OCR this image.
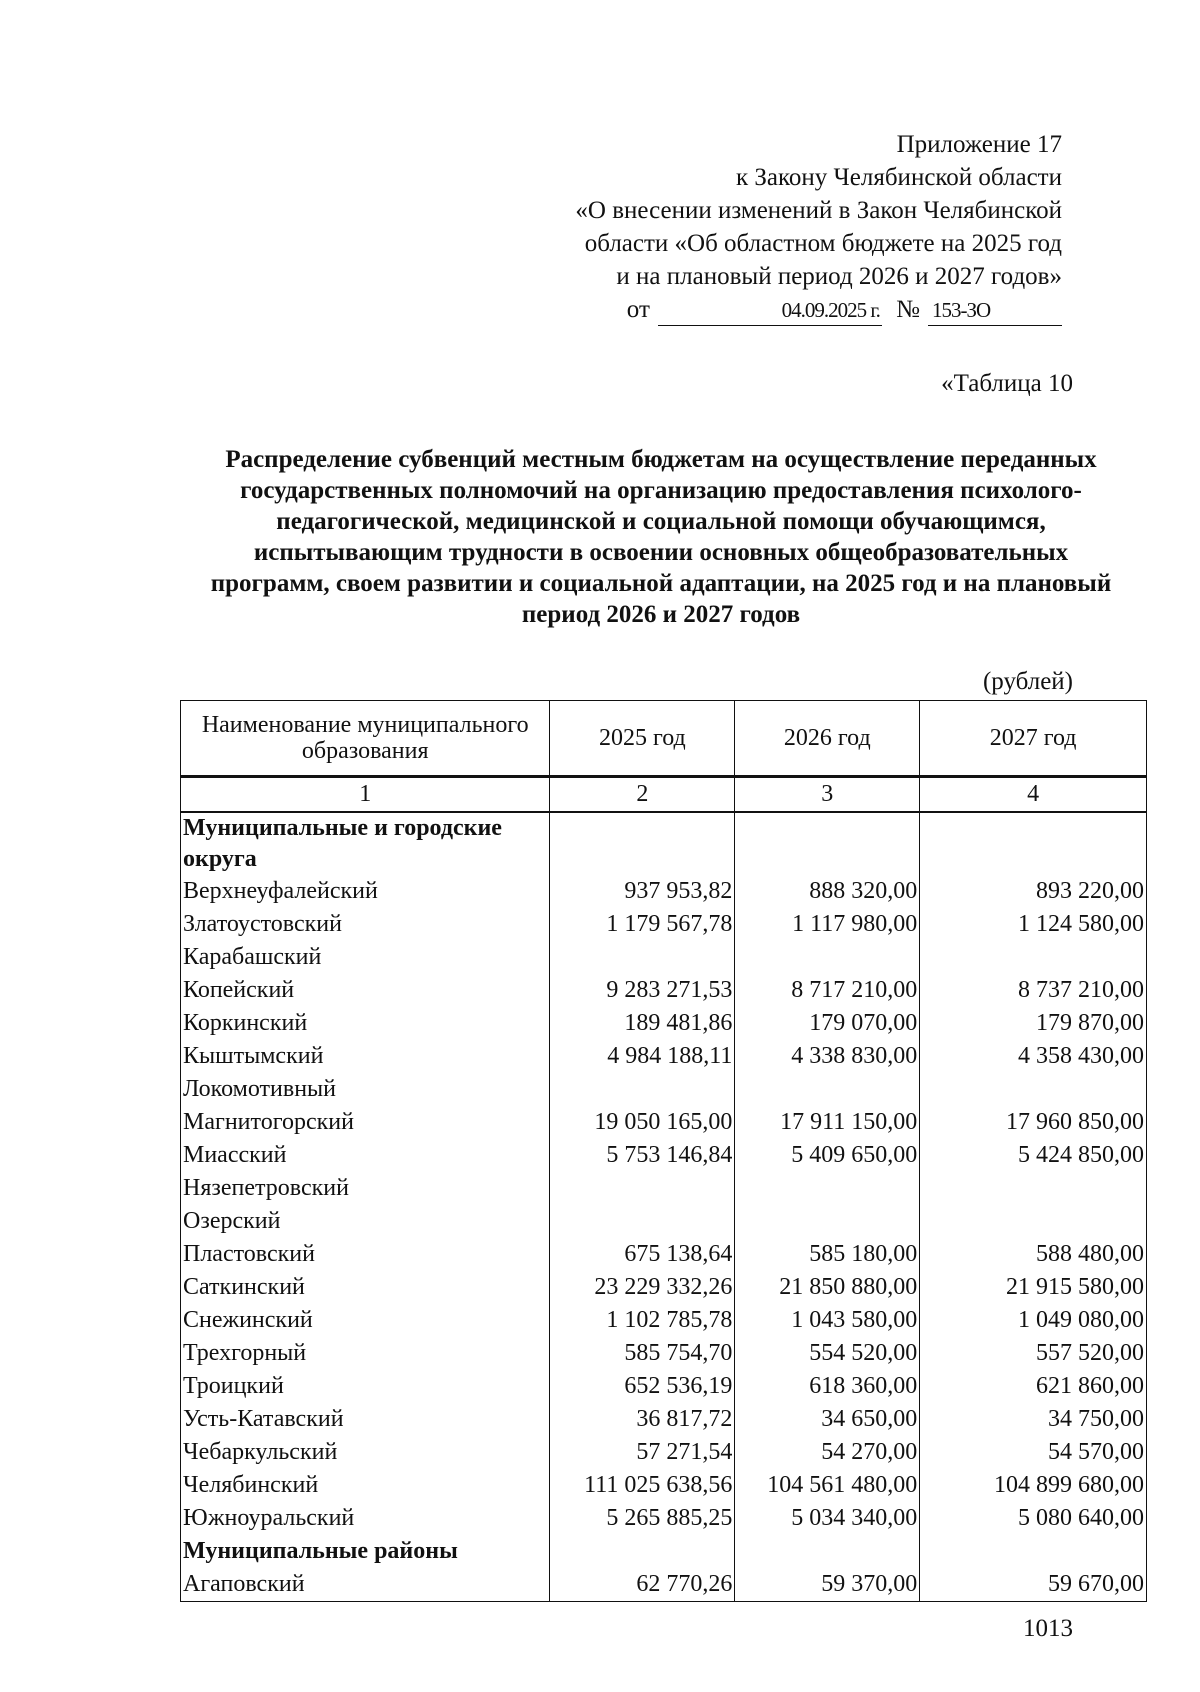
Приложение 17
к Закону Челябинской области
«О внесении изменений в Закон Челябинской
области «Об областном бюджете на 2025 год
и на плановый период 2026 и 2027 годов»
от	04.09.2025 г. № 153-ЗО
«Таблица 10
Распределение субвенций местным бюджетам на осуществление переданных
государственных полномочий на организацию предоставления психолого-
педагогической, медицинской и социальной помощи обучающимся,
испытывающим трудности в освоении основных общеобразовательных
программ, своем развитии и социальной адаптации, на 2025 год и на плановый
период 2026 и 2027 годов
(рублей)
Наименование муниципального образования	2025 год	2026 год	2027 год
1	2	3	4
Муниципальные и городские округа			
Верхнеуфалейский	937 953,82	888 320,00	893 220,00
Златоустовский	1 179 567,78	1 117 980,00	1 124 580,00
Карабашский			
Копейский	9 283 271,53	8 717 210,00	8 737 210,00
Коркинский	189 481,86	179 070,00	179 870,00
Кыштымский	4 984 188,11	4 338 830,00	4 358 430,00
Локомотивный			
Магнитогорский	19 050 165,00	17 911 150,00	17 960 850,00
Миасский	5 753 146,84	5 409 650,00	5 424 850,00
Нязепетровский			
Озерский			
Пластовский	675 138,64	585 180,00	588 480,00
Саткинский	23 229 332,26	21 850 880,00	21 915 580,00
Снежинский	1 102 785,78	1 043 580,00	1 049 080,00
Трехгорный	585 754,70	554 520,00	557 520,00
Троицкий	652 536,19	618 360,00	621 860,00
Усть-Катавский	36 817,72	34 650,00	34 750,00
Чебаркульский	57 271,54	54 270,00	54 570,00
Челябинский	111 025 638,56	104 561 480,00	104 899 680,00
Южноуральский	5 265 885,25	5 034 340,00	5 080 640,00
Муниципальные районы			
Агаповский	62 770,26	59 370,00	59 670,00
1013
